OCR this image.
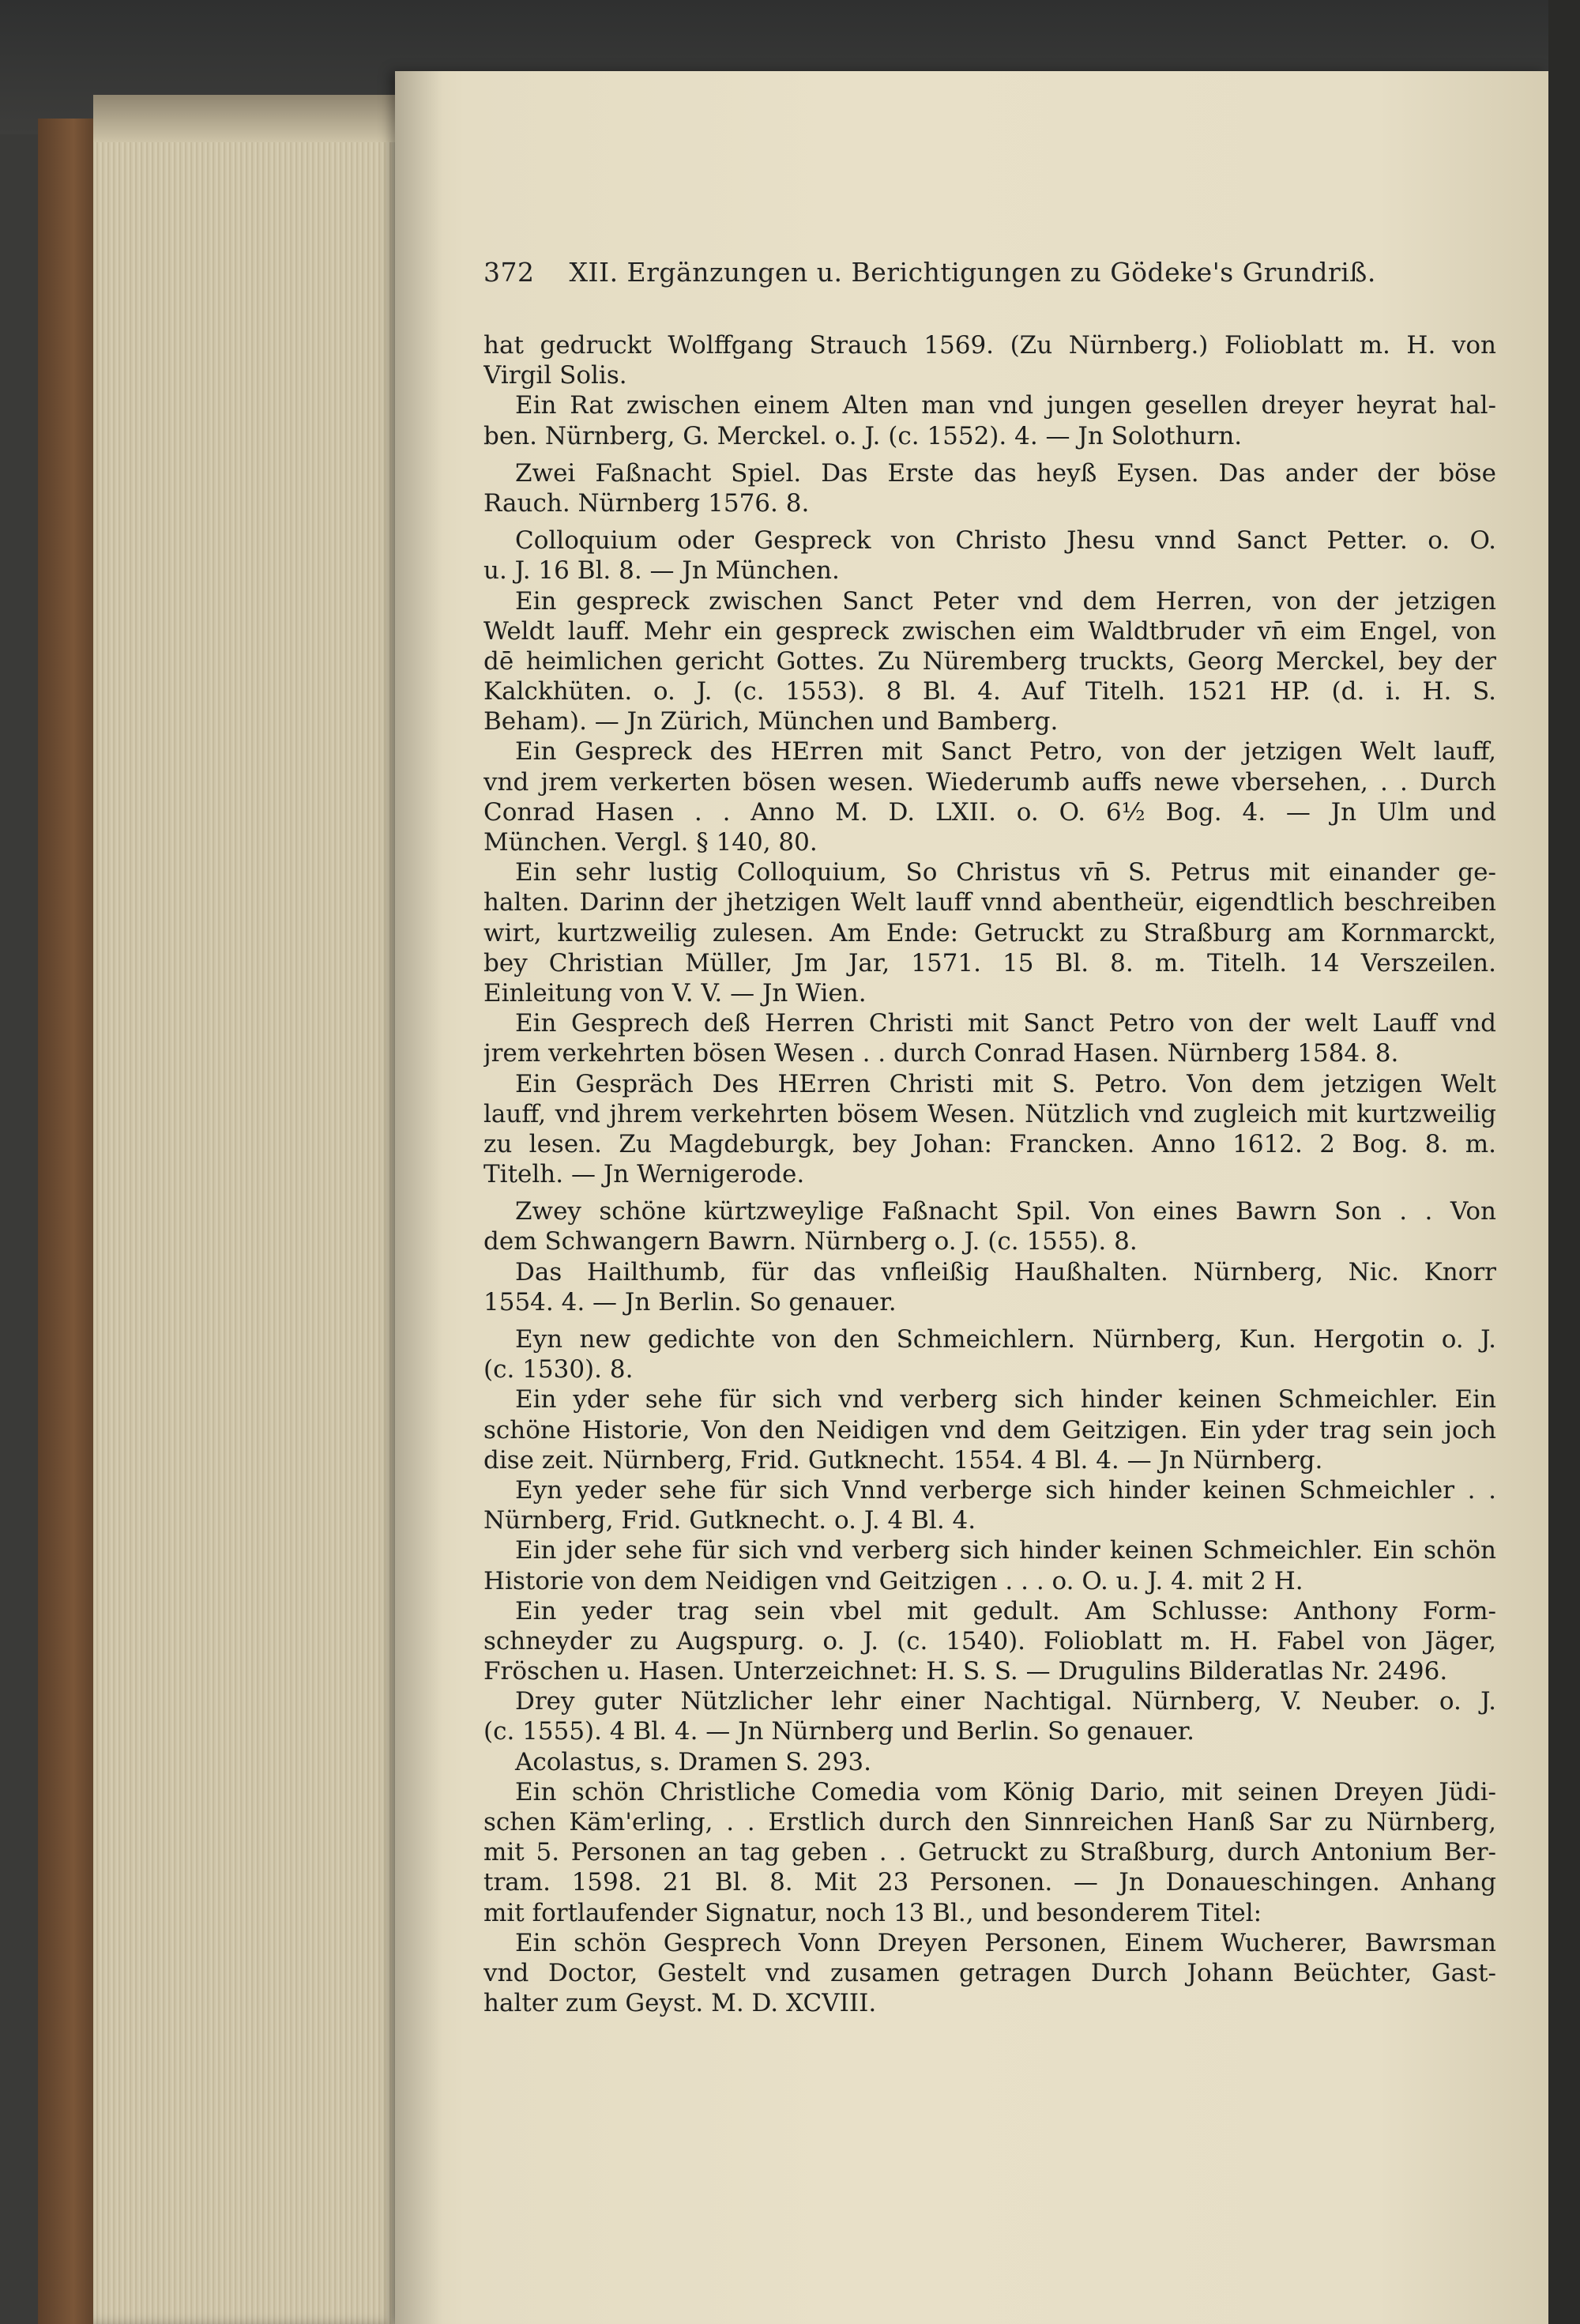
372 XII. Ergänzungen u. Berichtigungen zu Gödeke's Grundriß.
hat gedruckt Wolffgang Strauch 1569. (Zu Nürnberg.) Folioblatt m. H. von
Virgil Solis.
Ein Rat zwischen einem Alten man vnd jungen gesellen dreyer heyrat hal-
ben. Nürnberg, G. Merckel. o. J. (c. 1552). 4. — Jn Solothurn.
Zwei Faßnacht Spiel. Das Erste das heyß Eysen. Das ander der böse
Rauch. Nürnberg 1576. 8.
Colloquium oder Gespreck von Christo Jhesu vnnd Sanct Petter. o. O.
u. J. 16 Bl. 8. — Jn München.
Ein gespreck zwischen Sanct Peter vnd dem Herren, von der jetzigen
Weldt lauff. Mehr ein gespreck zwischen eim Waldtbruder vn̄ eim Engel, von
dē heimlichen gericht Gottes. Zu Nüremberg truckts, Georg Merckel, bey der
Kalckhüten. o. J. (c. 1553). 8 Bl. 4. Auf Titelh. 1521 HP. (d. i. H. S.
Beham). — Jn Zürich, München und Bamberg.
Ein Gespreck des HErren mit Sanct Petro, von der jetzigen Welt lauff,
vnd jrem verkerten bösen wesen. Wiederumb auffs newe vbersehen, . . Durch
Conrad Hasen . . Anno M. D. LXII. o. O. 6½ Bog. 4. — Jn Ulm und
München. Vergl. § 140, 80.
Ein sehr lustig Colloquium, So Christus vn̄ S. Petrus mit einander ge-
halten. Darinn der jhetzigen Welt lauff vnnd abentheür, eigendtlich beschreiben
wirt, kurtzweilig zulesen. Am Ende: Getruckt zu Straßburg am Kornmarckt,
bey Christian Müller, Jm Jar, 1571. 15 Bl. 8. m. Titelh. 14 Verszeilen.
Einleitung von V. V. — Jn Wien.
Ein Gesprech deß Herren Christi mit Sanct Petro von der welt Lauff vnd
jrem verkehrten bösen Wesen . . durch Conrad Hasen. Nürnberg 1584. 8.
Ein Gespräch Des HErren Christi mit S. Petro. Von dem jetzigen Welt
lauff, vnd jhrem verkehrten bösem Wesen. Nützlich vnd zugleich mit kurtzweilig
zu lesen. Zu Magdeburgk, bey Johan: Francken. Anno 1612. 2 Bog. 8. m.
Titelh. — Jn Wernigerode.
Zwey schöne kürtzweylige Faßnacht Spil. Von eines Bawrn Son . . Von
dem Schwangern Bawrn. Nürnberg o. J. (c. 1555). 8.
Das Hailthumb, für das vnfleißig Haußhalten. Nürnberg, Nic. Knorr
1554. 4. — Jn Berlin. So genauer.
Eyn new gedichte von den Schmeichlern. Nürnberg, Kun. Hergotin o. J.
(c. 1530). 8.
Ein yder sehe für sich vnd verberg sich hinder keinen Schmeichler. Ein
schöne Historie, Von den Neidigen vnd dem Geitzigen. Ein yder trag sein joch
dise zeit. Nürnberg, Frid. Gutknecht. 1554. 4 Bl. 4. — Jn Nürnberg.
Eyn yeder sehe für sich Vnnd verberge sich hinder keinen Schmeichler . .
Nürnberg, Frid. Gutknecht. o. J. 4 Bl. 4.
Ein jder sehe für sich vnd verberg sich hinder keinen Schmeichler. Ein schön
Historie von dem Neidigen vnd Geitzigen . . . o. O. u. J. 4. mit 2 H.
Ein yeder trag sein vbel mit gedult. Am Schlusse: Anthony Form-
schneyder zu Augspurg. o. J. (c. 1540). Folioblatt m. H. Fabel von Jäger,
Fröschen u. Hasen. Unterzeichnet: H. S. S. — Drugulins Bilderatlas Nr. 2496.
Drey guter Nützlicher lehr einer Nachtigal. Nürnberg, V. Neuber. o. J.
(c. 1555). 4 Bl. 4. — Jn Nürnberg und Berlin. So genauer.
Acolastus, s. Dramen S. 293.
Ein schön Christliche Comedia vom König Dario, mit seinen Dreyen Jüdi-
schen Käm'erling, . . Erstlich durch den Sinnreichen Hanß Sar zu Nürnberg,
mit 5. Personen an tag geben . . Getruckt zu Straßburg, durch Antonium Ber-
tram. 1598. 21 Bl. 8. Mit 23 Personen. — Jn Donaueschingen. Anhang
mit fortlaufender Signatur, noch 13 Bl., und besonderem Titel:
Ein schön Gesprech Vonn Dreyen Personen, Einem Wucherer, Bawrsman
vnd Doctor, Gestelt vnd zusamen getragen Durch Johann Beüchter, Gast-
halter zum Geyst. M. D. XCVIII.
